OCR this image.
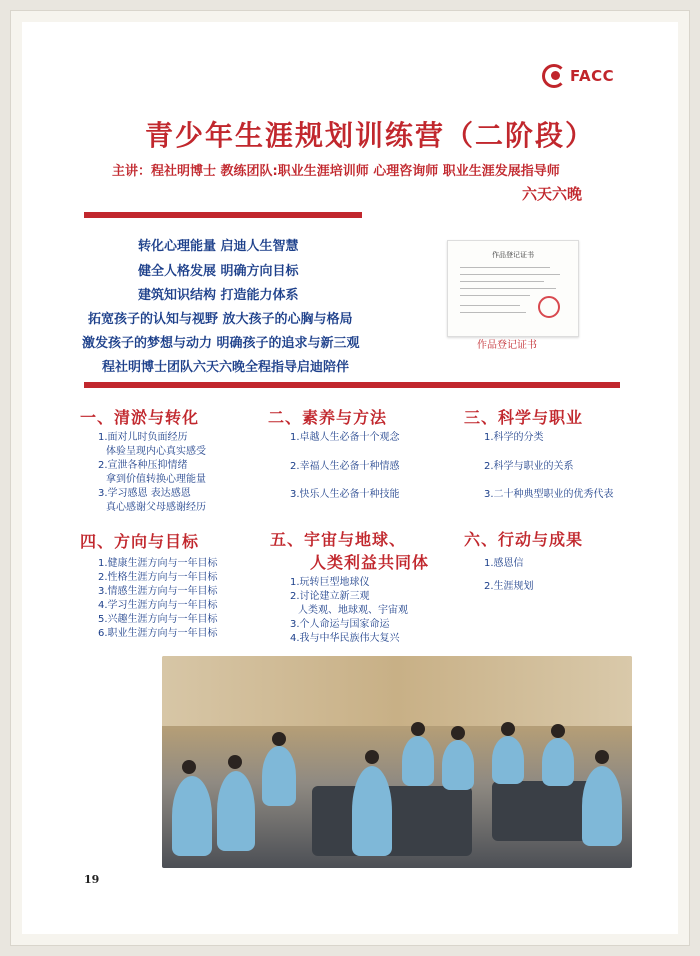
FACC
青少年生涯规划训练营（二阶段）
主讲：程社明博士 教练团队:职业生涯培训师 心理咨询师 职业生涯发展指导师
六天六晚
转化心理能量 启迪人生智慧
健全人格发展 明确方向目标
建筑知识结构 打造能力体系
拓宽孩子的认知与视野 放大孩子的心胸与格局
激发孩子的梦想与动力 明确孩子的追求与新三观
程社明博士团队六天六晚全程指导启迪陪伴
作品登记证书
作品登记证书
一、清淤与转化
1.面对儿时负面经历
体验呈现内心真实感受
2.宣泄各种压抑情绪
拿到价值转换心理能量
3.学习感恩 表达感恩
真心感谢父母感谢经历
二、素养与方法
1.卓越人生必备十个观念
2.幸福人生必备十种情感
3.快乐人生必备十种技能
三、科学与职业
1.科学的分类
2.科学与职业的关系
3.二十种典型职业的优秀代表
四、方向与目标
1.健康生涯方向与一年目标
2.性格生涯方向与一年目标
3.情感生涯方向与一年目标
4.学习生涯方向与一年目标
5.兴趣生涯方向与一年目标
6.职业生涯方向与一年目标
五、宇宙与地球、
人类利益共同体
1.玩转巨型地球仪
2.讨论建立新三观
人类观、地球观、宇宙观
3.个人命运与国家命运
4.我与中华民族伟大复兴
六、行动与成果
1.感恩信
2.生涯规划
19
